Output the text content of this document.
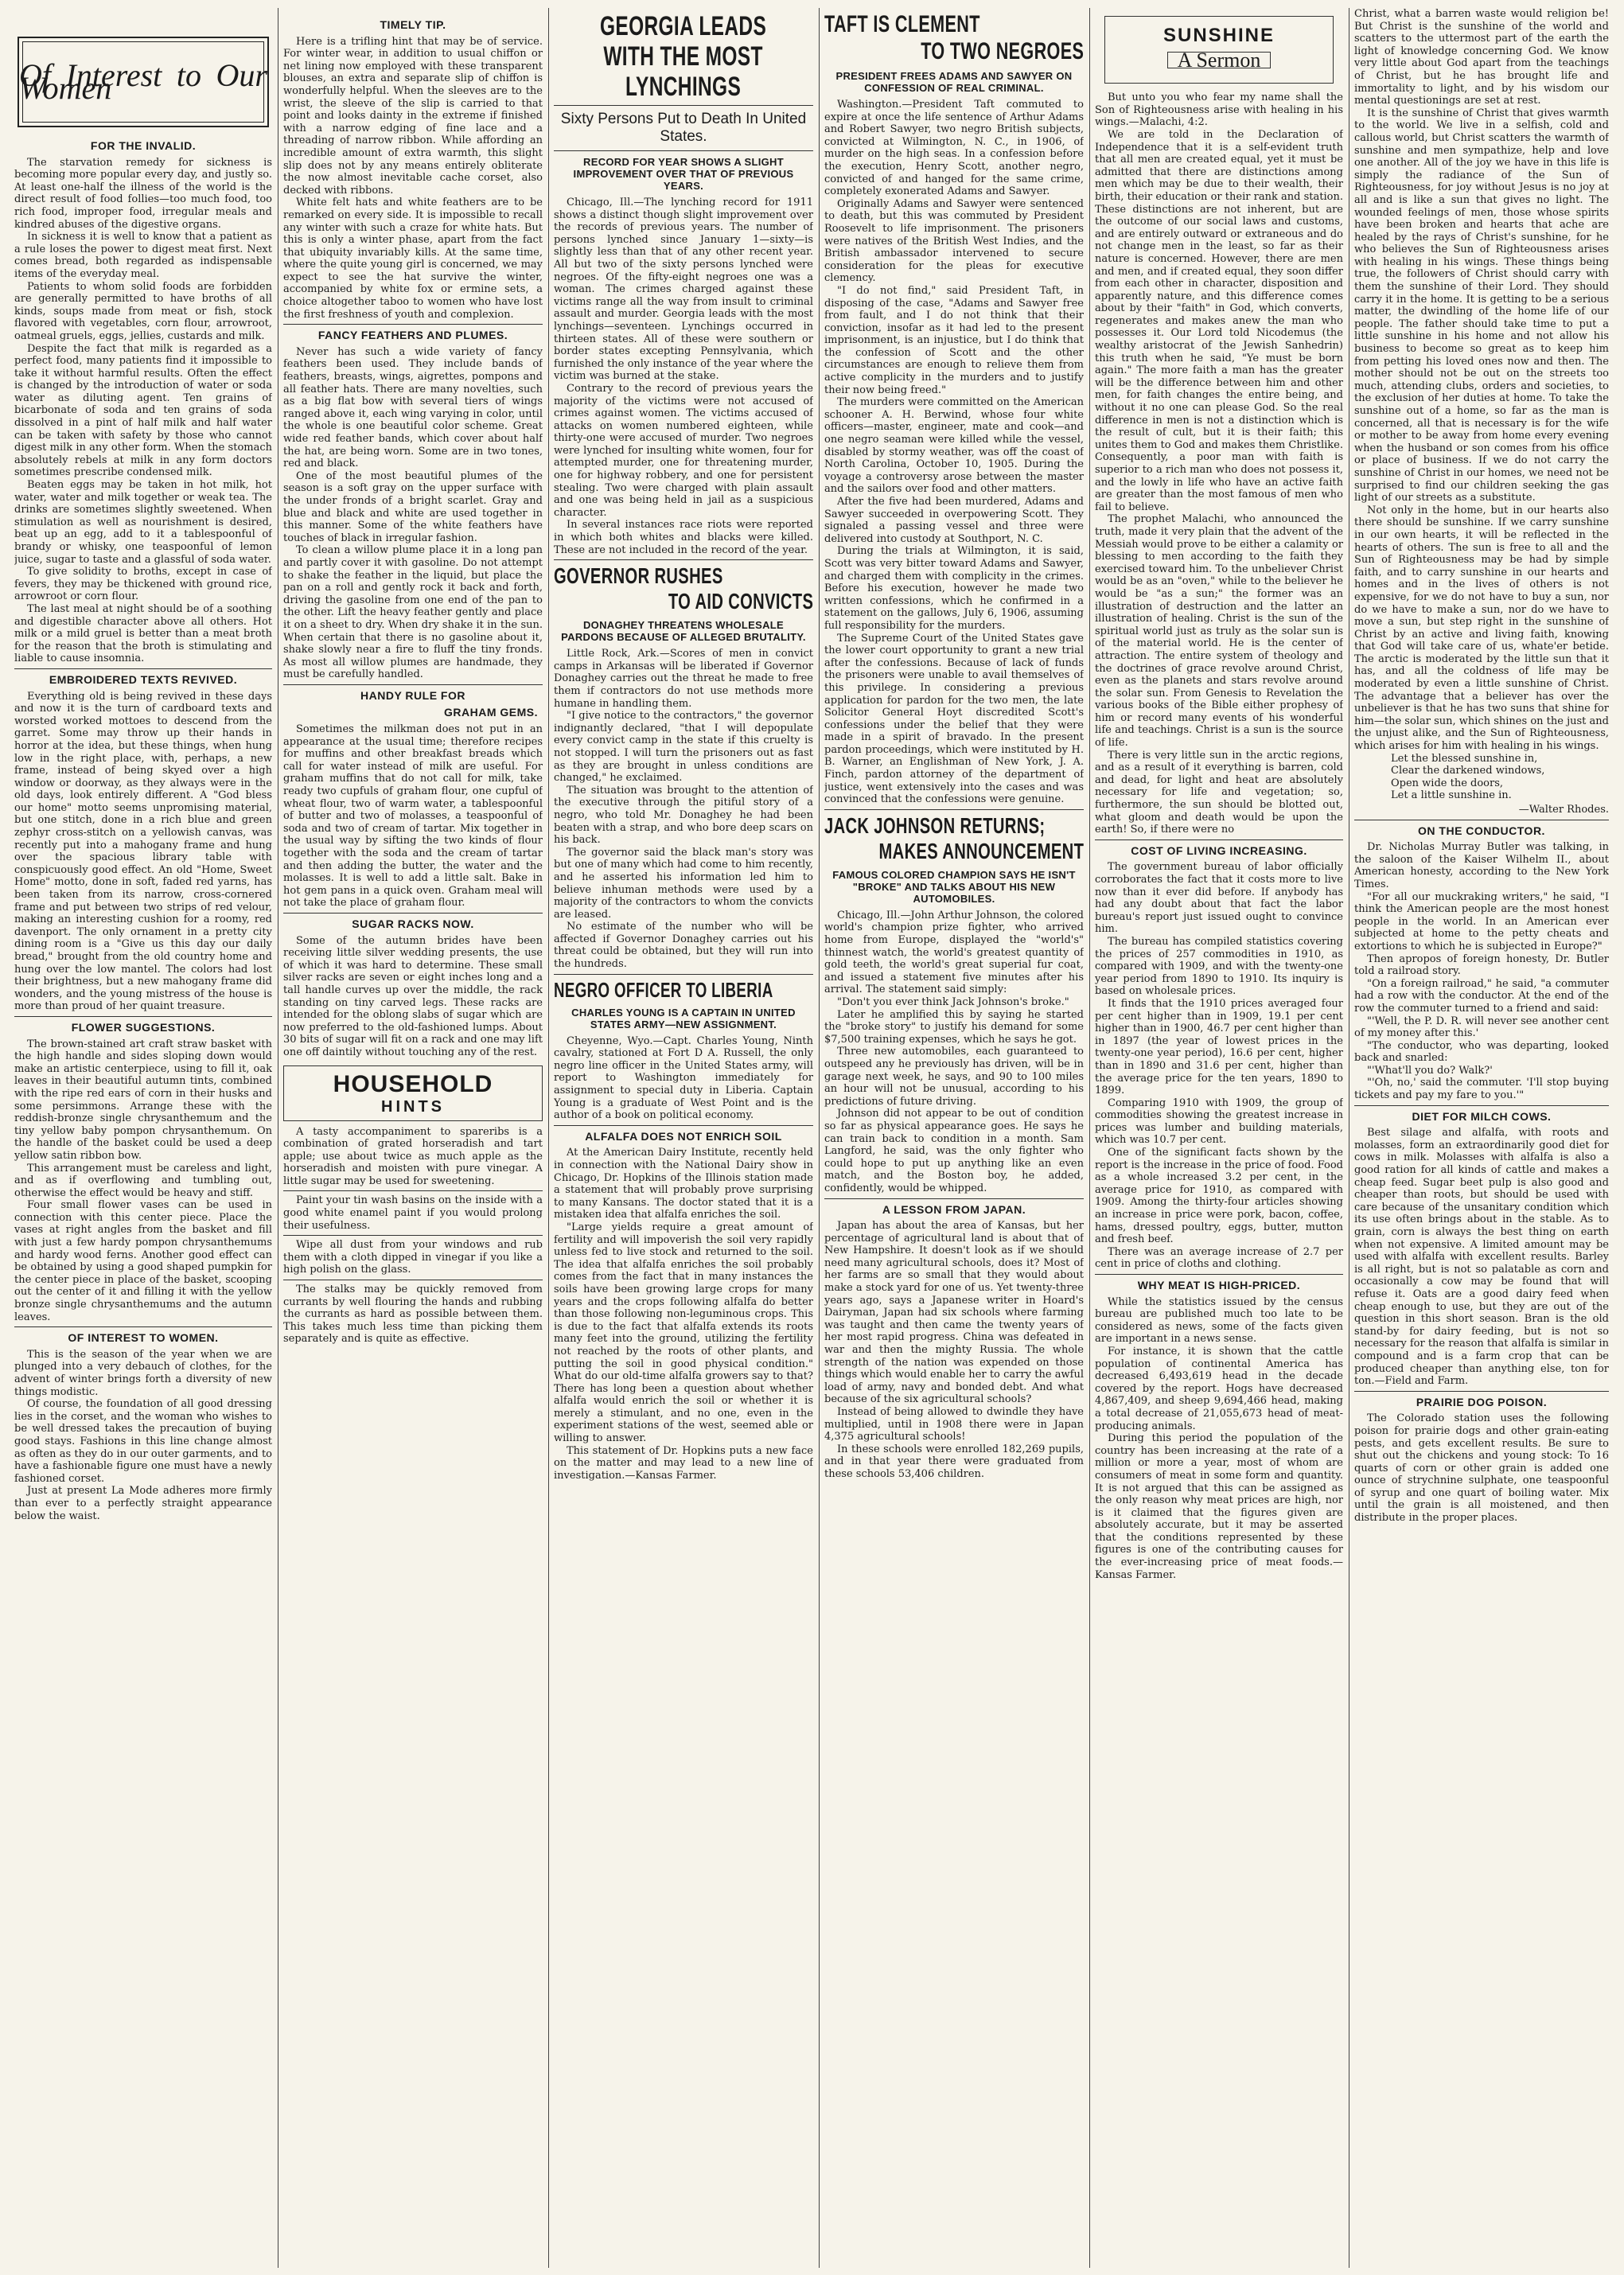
Of Interest to Our Women
FOR THE INVALID.

The starvation remedy for sickness is becoming more popular every day, and justly so. At least one-half the illness of the world is the direct result of food follies—too much food, too rich food, improper food, irregular meals and kindred abuses of the digestive organs.

In sickness it is well to know that a patient as a rule loses the power to digest meat first. Next comes bread, both regarded as indispensable items of the everyday meal.

Patients to whom solid foods are forbidden are generally permitted to have broths of all kinds, soups made from meat or fish, stock flavored with vegetables, corn flour, arrowroot, oatmeal gruels, eggs, jellies, custards and milk.

Despite the fact that milk is regarded as a perfect food, many patients find it impossible to take it without harmful results. Often the effect is changed by the introduction of water or soda water as diluting agent. Ten grains of bicarbonate of soda and ten grains of soda dissolved in a pint of half milk and half water can be taken with safety by those who cannot digest milk in any other form. When the stomach absolutely rebels at milk in any form doctors sometimes prescribe condensed milk.

Beaten eggs may be taken in hot milk, hot water, water and milk together or weak tea. The drinks are sometimes slightly sweetened. When stimulation as well as nourishment is desired, beat up an egg, add to it a tablespoonful of brandy or whisky, one teaspoonful of lemon juice, sugar to taste and a glassful of soda water.

To give solidity to broths, except in case of fevers, they may be thickened with ground rice, arrowroot or corn flour.

The last meal at night should be of a soothing and digestible character above all others. Hot milk or a mild gruel is better than a meat broth for the reason that the broth is stimulating and liable to cause insomnia.

EMBROIDERED TEXTS REVIVED.

Everything old is being revived in these days and now it is the turn of cardboard texts and worsted worked mottoes to descend from the garret. Some may throw up their hands in horror at the idea, but these things, when hung low in the right place, with, perhaps, a new frame, instead of being skyed over a high window or doorway, as they always were in the old days, look entirely different. A "God bless our home" motto seems unpromising material, but one stitch, done in a rich blue and green zephyr cross-stitch on a yellowish canvas, was recently put into a mahogany frame and hung over the spacious library table with conspicuously good effect. An old "Home, Sweet Home" motto, done in soft, faded red yarns, has been taken from its narrow, cross-cornered frame and put between two strips of red velour, making an interesting cushion for a roomy, red davenport. The only ornament in a pretty city dining room is a "Give us this day our daily bread," brought from the old country home and hung over the low mantel. The colors had lost their brightness, but a new mahogany frame did wonders, and the young mistress of the house is more than proud of her quaint treasure.

FLOWER SUGGESTIONS.

The brown-stained art craft straw basket with the high handle and sides sloping down would make an artistic centerpiece, using to fill it, oak leaves in their beautiful autumn tints, combined with the ripe red ears of corn in their husks and some persimmons. Arrange these with the reddish-bronze single chrysanthemum and the tiny yellow baby pompon chrysanthemum. On the handle of the basket could be used a deep yellow satin ribbon bow.

This arrangement must be careless and light, and as if overflowing and tumbling out, otherwise the effect would be heavy and stiff.

Four small flower vases can be used in connection with this center piece. Place the vases at right angles from the basket and fill with just a few hardy pompon chrysanthemums and hardy wood ferns. Another good effect can be obtained by using a good shaped pumpkin for the center piece in place of the basket, scooping out the center of it and filling it with the yellow bronze single chrysanthemums and the autumn leaves.

OF INTEREST TO WOMEN.

This is the season of the year when we are plunged into a very debauch of clothes, for the advent of winter brings forth a diversity of new things modistic.

Of course, the foundation of all good dressing lies in the corset, and the woman who wishes to be well dressed takes the precaution of buying good stays. Fashions in this line change almost as often as they do in our outer garments, and to have a fashionable figure one must have a newly fashioned corset.

Just at present La Mode adheres more firmly than ever to a perfectly straight appearance below the waist.

TIMELY TIP.

Here is a trifling hint that may be of service. For winter wear, in addition to usual chiffon or net lining now employed with these transparent blouses, an extra and separate slip of chiffon is wonderfully helpful. When the sleeves are to the wrist, the sleeve of the slip is carried to that point and looks dainty in the extreme if finished with a narrow edging of fine lace and a threading of narrow ribbon. While affording an incredible amount of extra warmth, this slight slip does not by any means entirely obliterate the now almost inevitable cache corset, also decked with ribbons.

White felt hats and white feathers are to be remarked on every side. It is impossible to recall any winter with such a craze for white hats. But this is only a winter phase, apart from the fact that ubiquity invariably kills. At the same time, where the quite young girl is concerned, we may expect to see the hat survive the winter, accompanied by white fox or ermine sets, a choice altogether taboo to women who have lost the first freshness of youth and complexion.

FANCY FEATHERS AND PLUMES.

Never has such a wide variety of fancy feathers been used. They include bands of feathers, breasts, wings, aigrettes, pompons and all feather hats. There are many novelties, such as a big flat bow with several tiers of wings ranged above it, each wing varying in color, until the whole is one beautiful color scheme. Great wide red feather bands, which cover about half the hat, are being worn. Some are in two tones, red and black.

One of the most beautiful plumes of the season is a soft gray on the upper surface with the under fronds of a bright scarlet. Gray and blue and black and white are used together in this manner. Some of the white feathers have touches of black in irregular fashion.

To clean a willow plume place it in a long pan and partly cover it with gasoline. Do not attempt to shake the feather in the liquid, but place the pan on a roll and gently rock it back and forth, driving the gasoline from one end of the pan to the other. Lift the heavy feather gently and place it on a sheet to dry. When dry shake it in the sun. When certain that there is no gasoline about it, shake slowly near a fire to fluff the tiny fronds. As most all willow plumes are handmade, they must be carefully handled.

HANDY RULE FOR
GRAHAM GEMS.

Sometimes the milkman does not put in an appearance at the usual time; therefore recipes for muffins and other breakfast breads which call for water instead of milk are useful. For graham muffins that do not call for milk, take ready two cupfuls of graham flour, one cupful of wheat flour, two of warm water, a tablespoonful of butter and two of molasses, a teaspoonful of soda and two of cream of tartar. Mix together in the usual way by sifting the two kinds of flour together with the soda and the cream of tartar and then adding the butter, the water and the molasses. It is well to add a little salt. Bake in hot gem pans in a quick oven. Graham meal will not take the place of graham flour.

SUGAR RACKS NOW.

Some of the autumn brides have been receiving little silver wedding presents, the use of which it was hard to determine. These small silver racks are seven or eight inches long and a tall handle curves up over the middle, the rack standing on tiny carved legs. These racks are intended for the oblong slabs of sugar which are now preferred to the old-fashioned lumps. About 30 bits of sugar will fit on a rack and one may lift one off daintily without touching any of the rest.

HOUSEHOLD
HINTS

A tasty accompaniment to spareribs is a combination of grated horseradish and tart apple; use about twice as much apple as the horseradish and moisten with pure vinegar. A little sugar may be used for sweetening.

Paint your tin wash basins on the inside with a good white enamel paint if you would prolong their usefulness.

Wipe all dust from your windows and rub them with a cloth dipped in vinegar if you like a high polish on the glass.

The stalks may be quickly removed from currants by well flouring the hands and rubbing the currants as hard as possible between them. This takes much less time than picking them separately and is quite as effective.

GEORGIA LEADS
WITH THE MOST
LYNCHINGS
Sixty Persons Put to Death In United States.
RECORD FOR YEAR SHOWS A SLIGHT IMPROVEMENT OVER THAT OF PREVIOUS YEARS.

Chicago, Ill.—The lynching record for 1911 shows a distinct though slight improvement over the records of previous years. The number of persons lynched since January 1—sixty—is slightly less than that of any other recent year. All but two of the sixty persons lynched were negroes. Of the fifty-eight negroes one was a woman. The crimes charged against these victims range all the way from insult to criminal assault and murder. Georgia leads with the most lynchings—seventeen. Lynchings occurred in thirteen states. All of these were southern or border states excepting Pennsylvania, which furnished the only instance of the year where the victim was burned at the stake.

Contrary to the record of previous years the majority of the victims were not accused of crimes against women. The victims accused of attacks on women numbered eighteen, while thirty-one were accused of murder. Two negroes were lynched for insulting white women, four for attempted murder, one for threatening murder, one for highway robbery, and one for persistent stealing. Two were charged with plain assault and one was being held in jail as a suspicious character.

In several instances race riots were reported in which both whites and blacks were killed. These are not included in the record of the year.

GOVERNOR RUSHES
TO AID CONVICTS
DONAGHEY THREATENS WHOLESALE PARDONS BECAUSE OF ALLEGED BRUTALITY.

Little Rock, Ark.—Scores of men in convict camps in Arkansas will be liberated if Governor Donaghey carries out the threat he made to free them if contractors do not use methods more humane in handling them.

"I give notice to the contractors," the governor indignantly declared, "that I will depopulate every convict camp in the state if this cruelty is not stopped. I will turn the prisoners out as fast as they are brought in unless conditions are changed," he exclaimed.

The situation was brought to the attention of the executive through the pitiful story of a negro, who told Mr. Donaghey he had been beaten with a strap, and who bore deep scars on his back.

The governor said the black man's story was but one of many which had come to him recently, and he asserted his information led him to believe inhuman methods were used by a majority of the contractors to whom the convicts are leased.

No estimate of the number who will be affected if Governor Donaghey carries out his threat could be obtained, but they will run into the hundreds.

NEGRO OFFICER TO LIBERIA
CHARLES YOUNG IS A CAPTAIN IN UNITED STATES ARMY—NEW ASSIGNMENT.

Cheyenne, Wyo.—Capt. Charles Young, Ninth cavalry, stationed at Fort D A. Russell, the only negro line officer in the United States army, will report to Washington immediately for assignment to special duty in Liberia. Captain Young is a graduate of West Point and is the author of a book on political economy.

ALFALFA DOES NOT ENRICH SOIL

At the American Dairy Institute, recently held in connection with the National Dairy show in Chicago, Dr. Hopkins of the Illinois station made a statement that will probably prove surprising to many Kansans. The doctor stated that it is a mistaken idea that alfalfa enriches the soil.

"Large yields require a great amount of fertility and will impoverish the soil very rapidly unless fed to live stock and returned to the soil. The idea that alfalfa enriches the soil probably comes from the fact that in many instances the soils have been growing large crops for many years and the crops following alfalfa do better than those following non-leguminous crops. This is due to the fact that alfalfa extends its roots many feet into the ground, utilizing the fertility not reached by the roots of other plants, and putting the soil in good physical condition." What do our old-time alfalfa growers say to that? There has long been a question about whether alfalfa would enrich the soil or whether it is merely a stimulant, and no one, even in the experiment stations of the west, seemed able or willing to answer.

This statement of Dr. Hopkins puts a new face on the matter and may lead to a new line of investigation.—Kansas Farmer.

TAFT IS CLEMENT
TO TWO NEGROES
PRESIDENT FREES ADAMS AND SAWYER ON CONFESSION OF REAL CRIMINAL.

Washington.—President Taft commuted to expire at once the life sentence of Arthur Adams and Robert Sawyer, two negro British subjects, convicted at Wilmington, N. C., in 1906, of murder on the high seas. In a confession before the execution, Henry Scott, another negro, convicted of and hanged for the same crime, completely exonerated Adams and Sawyer.

Originally Adams and Sawyer were sentenced to death, but this was commuted by President Roosevelt to life imprisonment. The prisoners were natives of the British West Indies, and the British ambassador intervened to secure consideration for the pleas for executive clemency.

"I do not find," said President Taft, in disposing of the case, "Adams and Sawyer free from fault, and I do not think that their conviction, insofar as it had led to the present imprisonment, is an injustice, but I do think that the confession of Scott and the other circumstances are enough to relieve them from active complicity in the murders and to justify their now being freed."

The murders were committed on the American schooner A. H. Berwind, whose four white officers—master, engineer, mate and cook—and one negro seaman were killed while the vessel, disabled by stormy weather, was off the coast of North Carolina, October 10, 1905. During the voyage a controversy arose between the master and the sailors over food and other matters.

After the five had been murdered, Adams and Sawyer succeeded in overpowering Scott. They signaled a passing vessel and three were delivered into custody at Southport, N. C.

During the trials at Wilmington, it is said, Scott was very bitter toward Adams and Sawyer, and charged them with complicity in the crimes. Before his execution, however he made two written confessions, which he confirmed in a statement on the gallows, July 6, 1906, assuming full responsibility for the murders.

The Supreme Court of the United States gave the lower court opportunity to grant a new trial after the confessions. Because of lack of funds the prisoners were unable to avail themselves of this privilege. In considering a previous application for pardon for the two men, the late Solicitor General Hoyt discredited Scott's confessions under the belief that they were made in a spirit of bravado. In the present pardon proceedings, which were instituted by H. B. Warner, an Englishman of New York, J. A. Finch, pardon attorney of the department of justice, went extensively into the cases and was convinced that the confessions were genuine.

JACK JOHNSON RETURNS;
MAKES ANNOUNCEMENT
FAMOUS COLORED CHAMPION SAYS HE ISN'T "BROKE" AND TALKS ABOUT HIS NEW AUTOMOBILES.

Chicago, Ill.—John Arthur Johnson, the colored world's champion prize fighter, who arrived home from Europe, displayed the "world's" thinnest watch, the world's greatest quantity of gold teeth, the world's great superial fur coat, and issued a statement five minutes after his arrival. The statement said simply:

"Don't you ever think Jack Johnson's broke."

Later he amplified this by saying he started the "broke story" to justify his demand for some $7,500 training expenses, which he says he got.

Three new automobiles, each guaranteed to outspeed any he previously has driven, will be in garage next week, he says, and 90 to 100 miles an hour will not be unusual, according to his predictions of future driving.

Johnson did not appear to be out of condition so far as physical appearance goes. He says he can train back to condition in a month. Sam Langford, he said, was the only fighter who could hope to put up anything like an even match, and the Boston boy, he added, confidently, would be whipped.

A LESSON FROM JAPAN.

Japan has about the area of Kansas, but her percentage of agricultural land is about that of New Hampshire. It doesn't look as if we should need many agricultural schools, does it? Most of her farms are so small that they would about make a stock yard for one of us. Yet twenty-three years ago, says a Japanese writer in Hoard's Dairyman, Japan had six schools where farming was taught and then came the twenty years of her most rapid progress. China was defeated in war and then the mighty Russia. The whole strength of the nation was expended on those things which would enable her to carry the awful load of army, navy and bonded debt. And what because of the six agricultural schools?

Instead of being allowed to dwindle they have multiplied, until in 1908 there were in Japan 4,375 agricultural schools!

In these schools were enrolled 182,269 pupils, and in that year there were graduated from these schools 53,406 children.

SUNSHINE
A Sermon

But unto you who fear my name shall the Son of Righteousness arise with healing in his wings.—Malachi, 4:2.

We are told in the Declaration of Independence that it is a self-evident truth that all men are created equal, yet it must be admitted that there are distinctions among men which may be due to their wealth, their birth, their education or their rank and station. These distinctions are not inherent, but are the outcome of our social laws and customs, and are entirely outward or extraneous and do not change men in the least, so far as their nature is concerned. However, there are men and men, and if created equal, they soon differ from each other in character, disposition and apparently nature, and this difference comes about by their "faith" in God, which converts, regenerates and makes anew the man who possesses it. Our Lord told Nicodemus (the wealthy aristocrat of the Jewish Sanhedrin) this truth when he said, "Ye must be born again." The more faith a man has the greater will be the difference between him and other men, for faith changes the entire being, and without it no one can please God. So the real difference in men is not a distinction which is the result of cult, but it is their faith; this unites them to God and makes them Christlike. Consequently, a poor man with faith is superior to a rich man who does not possess it, and the lowly in life who have an active faith are greater than the most famous of men who fail to believe.

The prophet Malachi, who announced the truth, made it very plain that the advent of the Messiah would prove to be either a calamity or blessing to men according to the faith they exercised toward him. To the unbeliever Christ would be as an "oven," while to the believer he would be "as a sun;" the former was an illustration of destruction and the latter an illustration of healing. Christ is the sun of the spiritual world just as truly as the solar sun is of the material world. He is the center of attraction. The entire system of theology and the doctrines of grace revolve around Christ, even as the planets and stars revolve around the solar sun. From Genesis to Revelation the various books of the Bible either prophesy of him or record many events of his wonderful life and teachings. Christ is a sun is the source of life.

There is very little sun in the arctic regions, and as a result of it everything is barren, cold and dead, for light and heat are absolutely necessary for life and vegetation; so, furthermore, the sun should be blotted out, what gloom and death would be upon the earth! So, if there were no

COST OF LIVING INCREASING.

The government bureau of labor officially corroborates the fact that it costs more to live now than it ever did before. If anybody has had any doubt about that fact the labor bureau's report just issued ought to convince him.

The bureau has compiled statistics covering the prices of 257 commodities in 1910, as compared with 1909, and with the twenty-one year period from 1890 to 1910. Its inquiry is based on wholesale prices.

It finds that the 1910 prices averaged four per cent higher than in 1909, 19.1 per cent higher than in 1900, 46.7 per cent higher than in 1897 (the year of lowest prices in the twenty-one year period), 16.6 per cent, higher than in 1890 and 31.6 per cent, higher than the average price for the ten years, 1890 to 1899.

Comparing 1910 with 1909, the group of commodities showing the greatest increase in prices was lumber and building materials, which was 10.7 per cent.

One of the significant facts shown by the report is the increase in the price of food. Food as a whole increased 3.2 per cent, in the average price for 1910, as compared with 1909. Among the thirty-four articles showing an increase in price were pork, bacon, coffee, hams, dressed poultry, eggs, butter, mutton and fresh beef.

There was an average increase of 2.7 per cent in price of cloths and clothing.

WHY MEAT IS HIGH-PRICED.

While the statistics issued by the census bureau are published much too late to be considered as news, some of the facts given are important in a news sense.

For instance, it is shown that the cattle population of continental America has decreased 6,493,619 head in the decade covered by the report. Hogs have decreased 4,867,409, and sheep 9,694,466 head, making a total decrease of 21,055,673 head of meat-producing animals.

During this period the population of the country has been increasing at the rate of a million or more a year, most of whom are consumers of meat in some form and quantity. It is not argued that this can be assigned as the only reason why meat prices are high, nor is it claimed that the figures given are absolutely accurate, but it may be asserted that the conditions represented by these figures is one of the contributing causes for the ever-increasing price of meat foods.—Kansas Farmer.

Christ, what a barren waste would religion be! But Christ is the sunshine of the world and scatters to the uttermost part of the earth the light of knowledge concerning God. We know very little about God apart from the teachings of Christ, but he has brought life and immortality to light, and by his wisdom our mental questionings are set at rest.

It is the sunshine of Christ that gives warmth to the world. We live in a selfish, cold and callous world, but Christ scatters the warmth of sunshine and men sympathize, help and love one another. All of the joy we have in this life is simply the radiance of the Sun of Righteousness, for joy without Jesus is no joy at all and is like a sun that gives no light. The wounded feelings of men, those whose spirits have been broken and hearts that ache are healed by the rays of Christ's sunshine, for he who believes the Sun of Righteousness arises with healing in his wings. These things being true, the followers of Christ should carry with them the sunshine of their Lord. They should carry it in the home. It is getting to be a serious matter, the dwindling of the home life of our people. The father should take time to put a little sunshine in his home and not allow his business to become so great as to keep him from petting his loved ones now and then. The mother should not be out on the streets too much, attending clubs, orders and societies, to the exclusion of her duties at home. To take the sunshine out of a home, so far as the man is concerned, all that is necessary is for the wife or mother to be away from home every evening when the husband or son comes from his office or place of business. If we do not carry the sunshine of Christ in our homes, we need not be surprised to find our children seeking the gas light of our streets as a substitute.

Not only in the home, but in our hearts also there should be sunshine. If we carry sunshine in our own hearts, it will be reflected in the hearts of others. The sun is free to all and the Sun of Righteousness may be had by simple faith, and to carry sunshine in our hearts and homes and in the lives of others is not expensive, for we do not have to buy a sun, nor do we have to make a sun, nor do we have to move a sun, but step right in the sunshine of Christ by an active and living faith, knowing that God will take care of us, whate'er betide. The arctic is moderated by the little sun that it has, and all the coldness of life may be moderated by even a little sunshine of Christ. The advantage that a believer has over the unbeliever is that he has two suns that shine for him—the solar sun, which shines on the just and the unjust alike, and the Sun of Righteousness, which arises for him with healing in his wings.

Let the blessed sunshine in,

Clear the darkened windows,

Open wide the doors,

Let a little sunshine in.

—Walter Rhodes.
ON THE CONDUCTOR.

Dr. Nicholas Murray Butler was talking, in the saloon of the Kaiser Wilhelm II., about American honesty, according to the New York Times.

"For all our muckraking writers," he said, "I think the American people are the most honest people in the world. In an American ever subjected at home to the petty cheats and extortions to which he is subjected in Europe?"

Then apropos of foreign honesty, Dr. Butler told a railroad story.

"On a foreign railroad," he said, "a commuter had a row with the conductor. At the end of the row the commuter turned to a friend and said:

"'Well, the P. D. R. will never see another cent of my money after this.'

"The conductor, who was departing, looked back and snarled:

"'What'll you do? Walk?'

"'Oh, no,' said the commuter. 'I'll stop buying tickets and pay my fare to you.'"

DIET FOR MILCH COWS.

Best silage and alfalfa, with roots and molasses, form an extraordinarily good diet for cows in milk. Molasses with alfalfa is also a good ration for all kinds of cattle and makes a cheap feed. Sugar beet pulp is also good and cheaper than roots, but should be used with care because of the unsanitary condition which its use often brings about in the stable. As to grain, corn is always the best thing on earth when not expensive. A limited amount may be used with alfalfa with excellent results. Barley is all right, but is not so palatable as corn and occasionally a cow may be found that will refuse it. Oats are a good dairy feed when cheap enough to use, but they are out of the question in this short season. Bran is the old stand-by for dairy feeding, but is not so necessary for the reason that alfalfa is similar in compound and is a farm crop that can be produced cheaper than anything else, ton for ton.—Field and Farm.

PRAIRIE DOG POISON.

The Colorado station uses the following poison for prairie dogs and other grain-eating pests, and gets excellent results. Be sure to shut out the chickens and young stock: To 16 quarts of corn or other grain is added one ounce of strychnine sulphate, one teaspoonful of syrup and one quart of boiling water. Mix until the grain is all moistened, and then distribute in the proper places.
